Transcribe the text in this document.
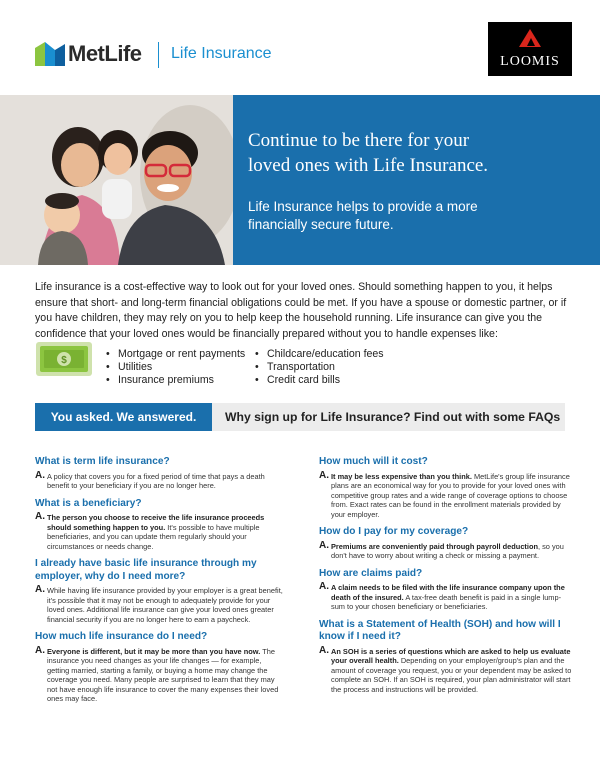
MetLife Life Insurance	LOOMIS
Continue to be there for your
loved ones with Life Insurance.
Life Insurance helps to provide a more
financially secure future.

Life insurance is a cost-effective way to look out for your loved ones. Should something happen to you, it helps ensure that short- and long-term financial obligations could be met. If you have a spouse or domestic partner, or if you have children, they may rely on you to help keep the household running. Life insurance can give you the confidence that your loved ones would be financially prepared without you to handle expenses like:

$
• Mortgage or rent payments
• Utilities
• Insurance premiums
• Childcare/education fees
• Transportation
• Credit card bills
You asked. We answered.	Why sign up for Life Insurance? Find out with some FAQs
What is term life insurance?
A. A policy that covers you for a fixed period of time that pays a death benefit to your beneficiary if you are no longer here.
What is a beneficiary?
A. The person you choose to receive the life insurance proceeds should something happen to you. It's possible to have multiple beneficiaries, and you can update them regularly should your circumstances or needs change.
I already have basic life insurance through my employer, why do I need more?
A. While having life insurance provided by your employer is a great benefit, it's possible that it may not be enough to adequately provide for your loved ones. Additional life insurance can give your loved ones greater financial security if you are no longer here to earn a paycheck.
How much life insurance do I need?
A. Everyone is different, but it may be more than you have now. The insurance you need changes as your life changes — for example, getting married, starting a family, or buying a home may change the coverage you need. Many people are surprised to learn that they may not have enough life insurance to cover the many expenses their loved ones may face.
How much will it cost?
A. It may be less expensive than you think. MetLife's group life insurance plans are an economical way for you to provide for your loved ones with competitive group rates and a wide range of coverage options to choose from. Exact rates can be found in the enrollment materials provided by your employer.
How do I pay for my coverage?
A. Premiums are conveniently paid through payroll deduction, so you don't have to worry about writing a check or missing a payment.
How are claims paid?
A. A claim needs to be filed with the life insurance company upon the death of the insured. A tax-free death benefit is paid in a single lump-sum to your chosen beneficiary or beneficiaries.
What is a Statement of Health (SOH) and how will I know if I need it?
A. An SOH is a series of questions which are asked to help us evaluate your overall health. Depending on your employer/group's plan and the amount of coverage you request, you or your dependent may be asked to complete an SOH. If an SOH is required, your plan administrator will start the process and instructions will be provided.
